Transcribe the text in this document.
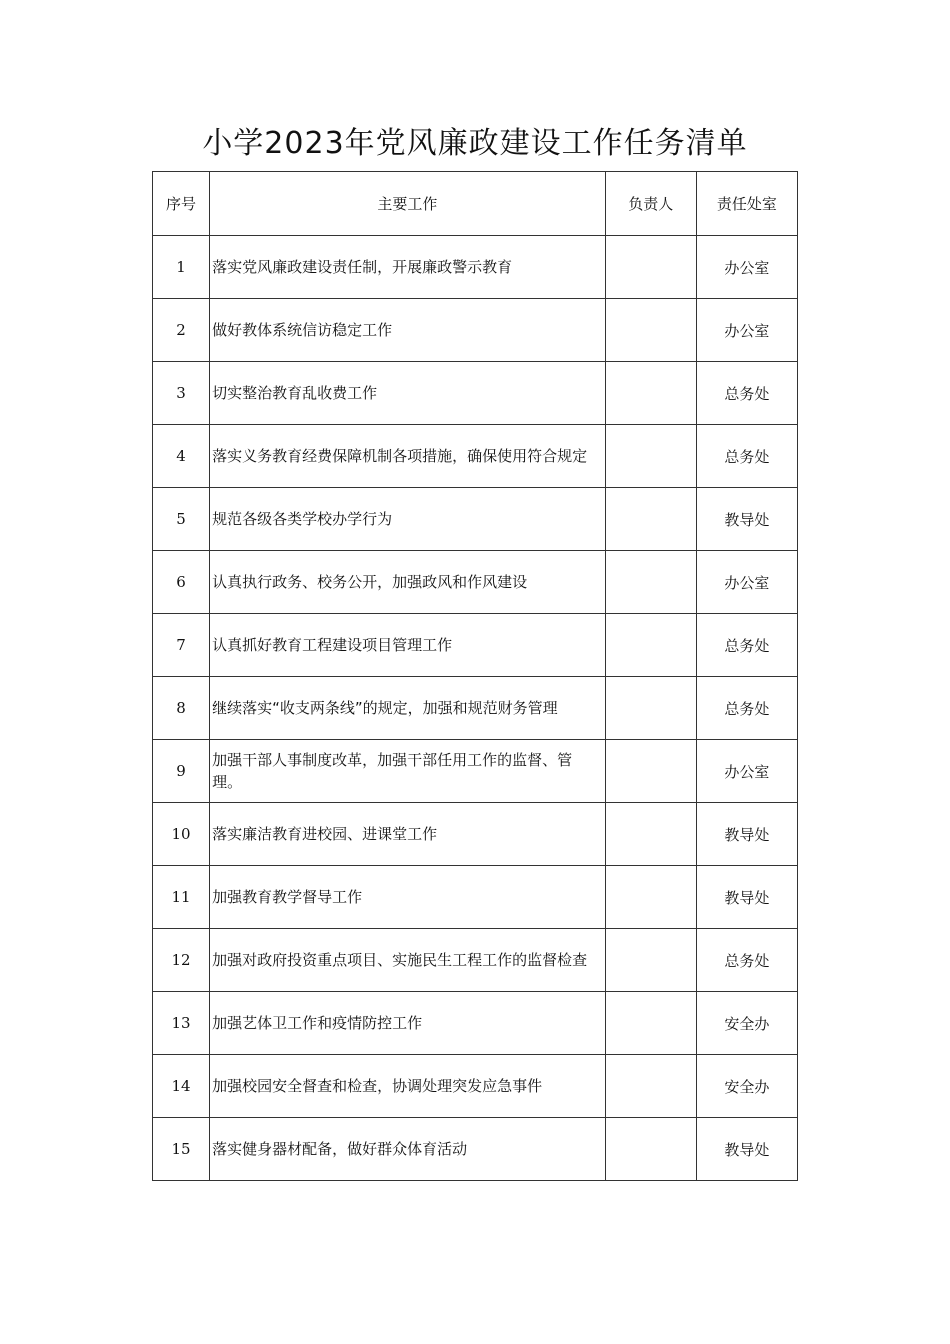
小学2023年党风廉政建设工作任务清单
序号	主要工作	负责人	责任处室
1	落实党风廉政建设责任制，开展廉政警示教育		办公室
2	做好教体系统信访稳定工作		办公室
3	切实整治教育乱收费工作		总务处
4	落实义务教育经费保障机制各项措施，确保使用符合规定		总务处
5	规范各级各类学校办学行为		教导处
6	认真执行政务、校务公开，加强政风和作风建设		办公室
7	认真抓好教育工程建设项目管理工作		总务处
8	继续落实“收支两条线”的规定，加强和规范财务管理		总务处
9	加强干部人事制度改革，加强干部任用工作的监督、管理。		办公室
10	落实廉洁教育进校园、进课堂工作		教导处
11	加强教育教学督导工作		教导处
12	加强对政府投资重点项目、实施民生工程工作的监督检查		总务处
13	加强艺体卫工作和疫情防控工作		安全办
14	加强校园安全督查和检查，协调处理突发应急事件		安全办
15	落实健身器材配备，做好群众体育活动		教导处
